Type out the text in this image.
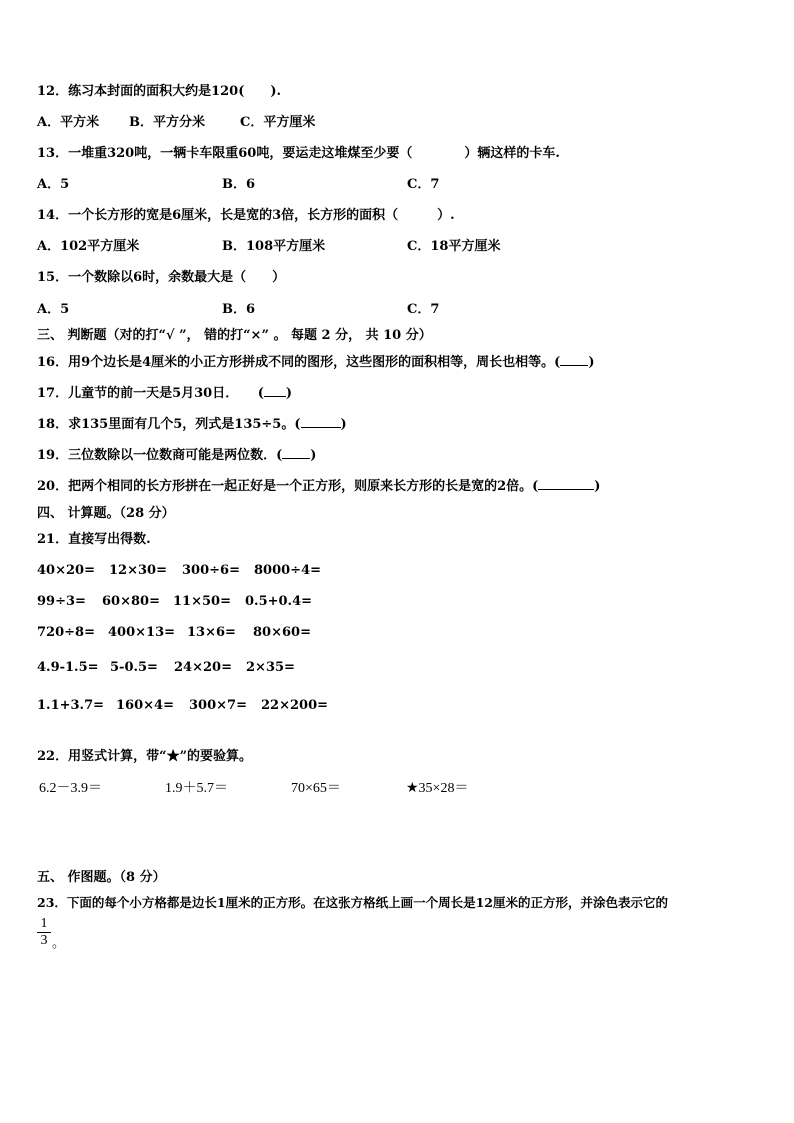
12．练习本封面的面积大约是120(　　).
A．平方米 B．平方分米	C．平方厘米
13．一堆重320吨，一辆卡车限重60吨，要运走这堆煤至少要（　　　　）辆这样的卡车.
A．5	B．6	C．7
14．一个长方形的宽是6厘米，长是宽的3倍，长方形的面积（　　　）.
A．102平方厘米	B．108平方厘米	C．18平方厘米
15．一个数除以6时，余数最大是（　　）
A．5	B．6	C．7
三、 判断题（对的打“√ ”， 错的打“×” 。 每题 2 分， 共 10 分）
16．用9个边长是4厘米的小正方形拼成不同的图形，这些图形的面积相等，周长也相等。( )
17．儿童节的前一天是5月30日．　　( )
18．求135里面有几个5，列式是135÷5。(	)
19．三位数除以一位数商可能是两位数．( )
20．把两个相同的长方形拼在一起正好是一个正方形，则原来长方形的长是宽的2倍。(	)
四、 计算题。（28 分）
21．直接写出得数.
40×20= 12×30= 300÷6= 8000÷4=
99÷3= 60×80= 11×50= 0.5+0.4=
720÷8= 400×13= 13×6= 80×60=
4.9-1.5= 5-0.5= 24×20= 2×35=
1.1+3.7= 160×4= 300×7= 22×200=
22．用竖式计算，带“★”的要验算。
6.2－3.9＝	1.9＋5.7＝	70×65＝	★35×28＝
五、 作图题。（8 分）
23．下面的每个小方格都是边长1厘米的正方形。在这张方格纸上画一个周长是12厘米的正方形，并涂色表示它的
$\frac{1}{3}$ 。
